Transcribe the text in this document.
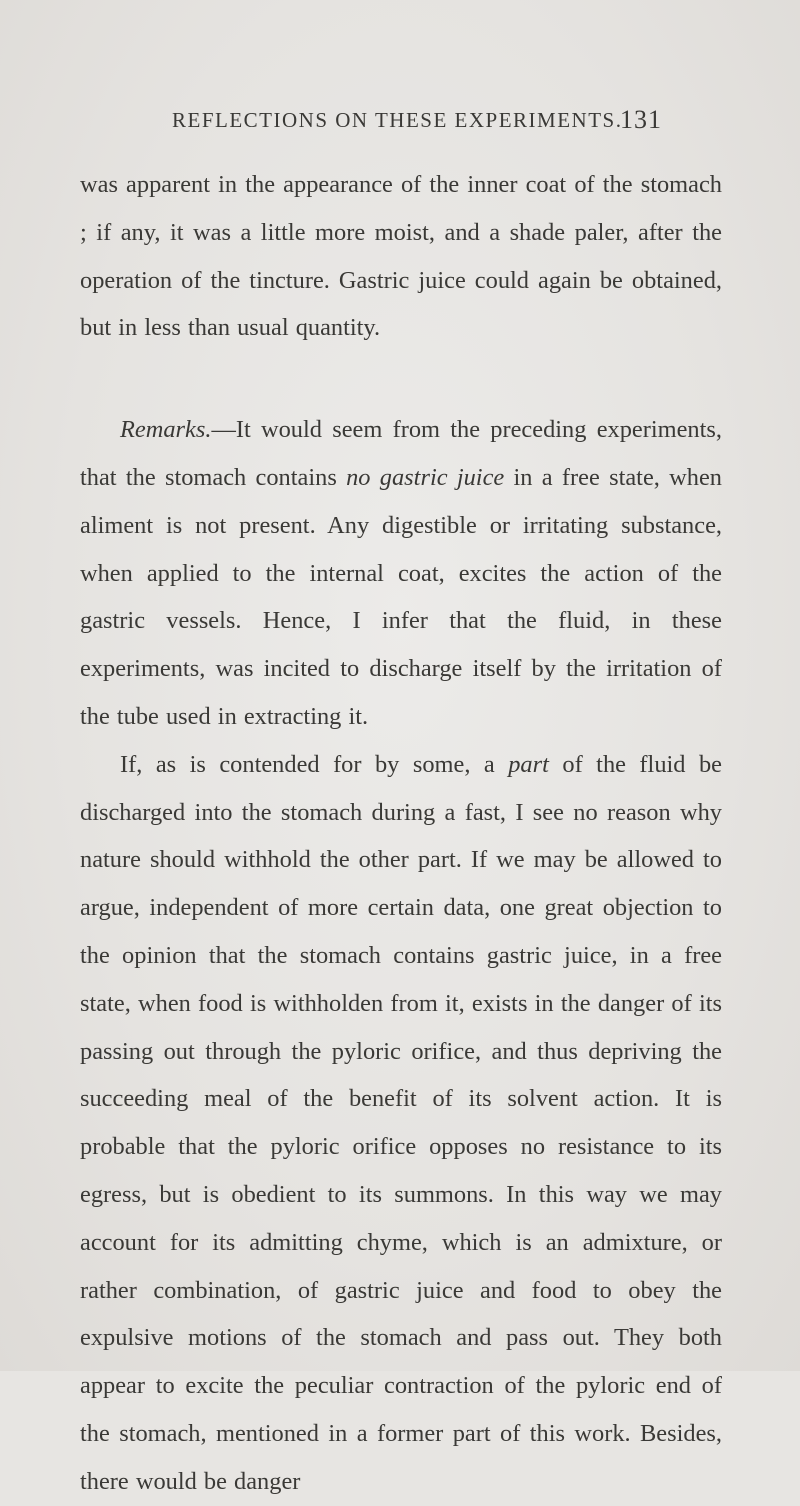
REFLECTIONS ON THESE EXPERIMENTS.
131

was apparent in the appearance of the inner coat of the stomach ; if any, it was a little more moist, and a shade paler, after the operation of the tincture. Gastric juice could again be obtained, but in less than usual quantity.

Remarks.—It would seem from the preceding experiments, that the stomach contains no gastric juice in a free state, when aliment is not present. Any digestible or irritating substance, when applied to the internal coat, excites the action of the gastric vessels. Hence, I infer that the fluid, in these experiments, was incited to discharge itself by the irritation of the tube used in extracting it.

If, as is contended for by some, a part of the fluid be discharged into the stomach during a fast, I see no reason why nature should withhold the other part. If we may be allowed to argue, independent of more certain data, one great objection to the opinion that the stomach contains gastric juice, in a free state, when food is withholden from it, exists in the danger of its passing out through the pyloric orifice, and thus depriving the succeeding meal of the benefit of its solvent action. It is probable that the pyloric orifice opposes no resistance to its egress, but is obedient to its summons. In this way we may account for its admitting chyme, which is an admixture, or rather combination, of gastric juice and food to obey the expulsive motions of the stomach and pass out. They both appear to excite the peculiar contraction of the pyloric end of the stomach, mentioned in a former part of this work. Besides, there would be danger
